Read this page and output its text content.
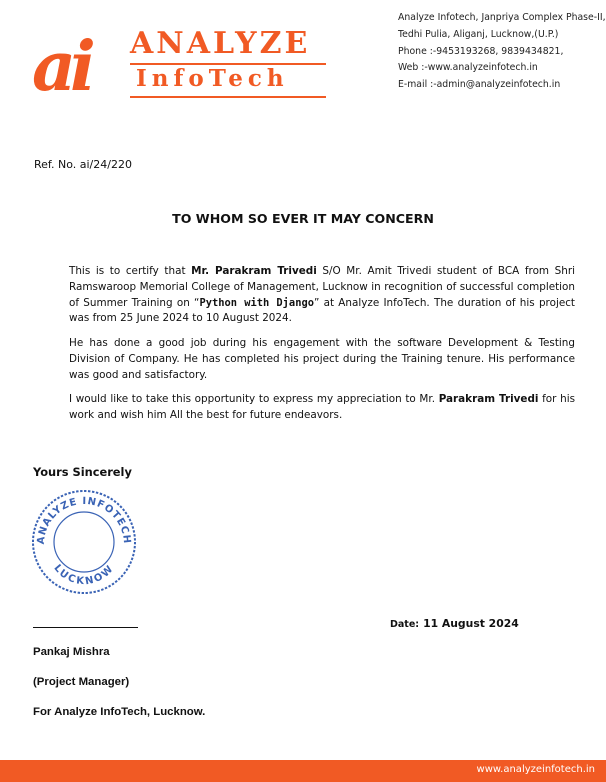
ai ANALYZE
InfoTech
Analyze Infotech, Janpriya Complex Phase-II,
Tedhi Pulia, Aliganj, Lucknow,(U.P.)
Phone :-9453193268, 9839434821,
Web :-www.analyzeinfotech.in
E-mail :-admin@analyzeinfotech.in
Ref. No. ai/24/220
TO WHOM SO EVER IT MAY CONCERN

This is to certify that Mr. Parakram Trivedi S/O Mr. Amit Trivedi student of BCA from Shri Ramswaroop Memorial College of Management, Lucknow in recognition of successful completion of Summer Training on “Python with Django” at Analyze InfoTech. The duration of his project was from 25 June 2024 to 10 August 2024.

He has done a good job during his engagement with the software Development & Testing Division of Company. He has completed his project during the Training tenure. His performance was good and satisfactory.

I would like to take this opportunity to express my appreciation to Mr. Parakram Trivedi for his work and wish him All the best for future endeavors.

Yours Sincerely
ANALYZE INFOTECH
LUCKNOW
Date: 11 August 2024
Pankaj Mishra
(Project Manager)
For Analyze InfoTech, Lucknow.
www.analyzeinfotech.in
